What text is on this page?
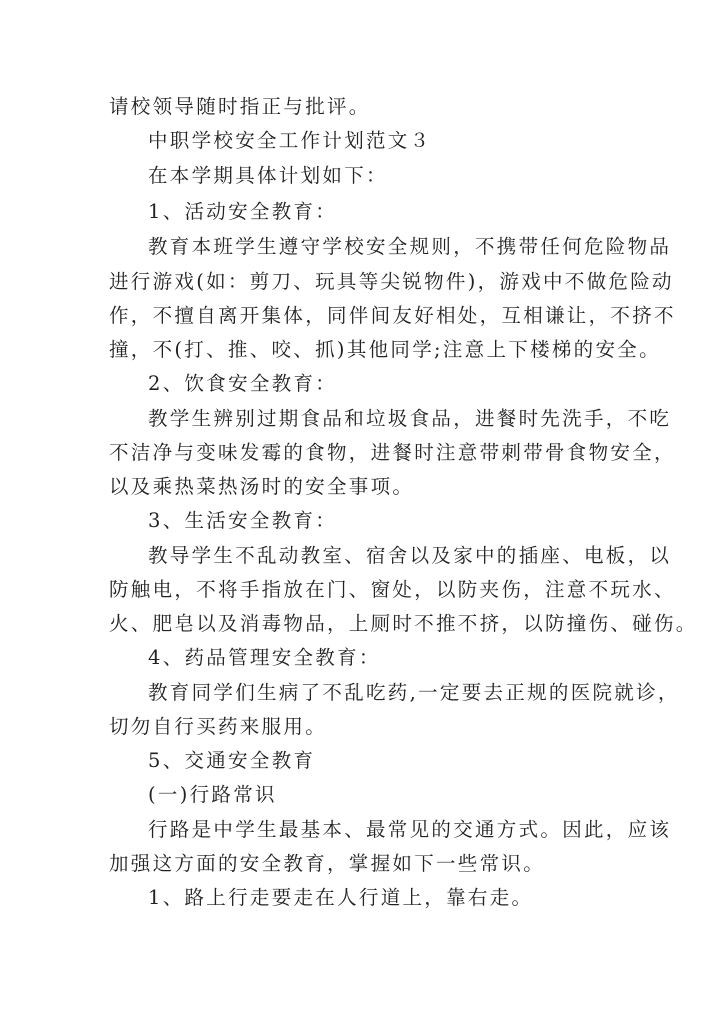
请校领导随时指正与批评。
中职学校安全工作计划范文３
在本学期具体计划如下：
1、活动安全教育：
教育本班学生遵守学校安全规则，不携带任何危险物品
进行游戏(如：剪刀、玩具等尖锐物件)，游戏中不做危险动
作，不擅自离开集体，同伴间友好相处，互相谦让，不挤不
撞，不(打、推、咬、抓)其他同学;注意上下楼梯的安全。
2、饮食安全教育：
教学生辨别过期食品和垃圾食品，进餐时先洗手，不吃
不洁净与变味发霉的食物，进餐时注意带刺带骨食物安全，
以及乘热菜热汤时的安全事项。
3、生活安全教育：
教导学生不乱动教室、宿舍以及家中的插座、电板，以
防触电，不将手指放在门、窗处，以防夹伤，注意不玩水、
火、肥皂以及消毒物品，上厕时不推不挤，以防撞伤、碰伤。
4、药品管理安全教育：
教育同学们生病了不乱吃药,一定要去正规的医院就诊，
切勿自行买药来服用。
5、交通安全教育
(一)行路常识
行路是中学生最基本、最常见的交通方式。因此，应该
加强这方面的安全教育，掌握如下一些常识。
1、路上行走要走在人行道上，靠右走。
